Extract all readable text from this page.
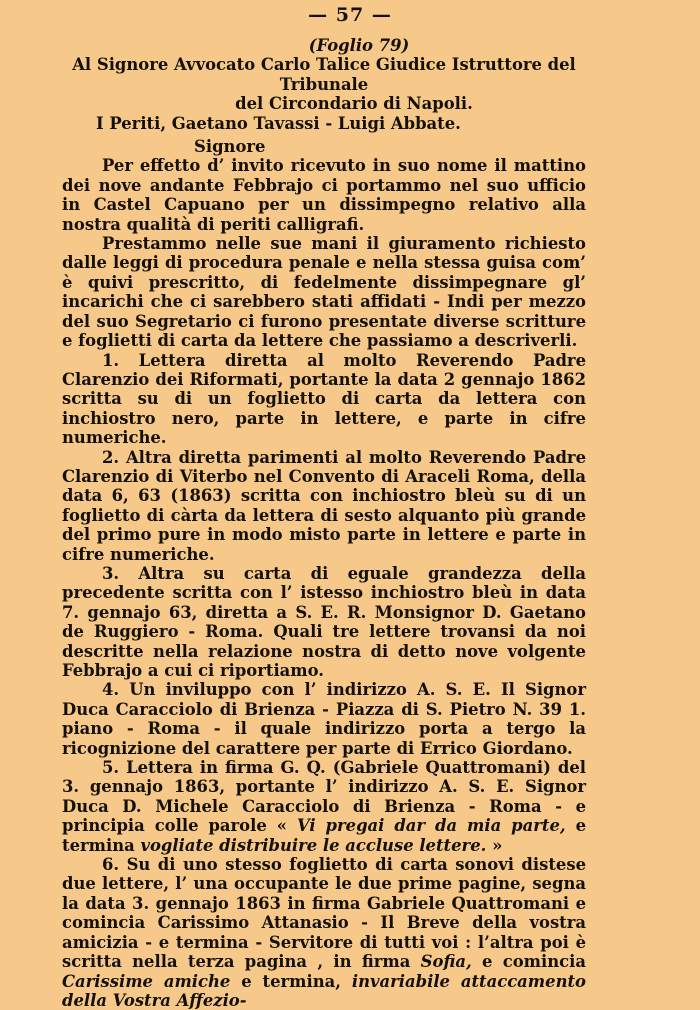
— 57 —

(Foglio 79)

Al Signore Avvocato Carlo Talice Giudice Istruttore del Tribunale

del Circondario di Napoli.

I Periti, Gaetano Tavassi - Luigi Abbate.

Signore

Per effetto d’ invito ricevuto in suo nome il mattino dei nove andante Febbrajo ci portammo nel suo ufficio in Castel Capuano per un dissimpegno relativo alla nostra qualità di periti calligrafi.

Prestammo nelle sue mani il giuramento richiesto dalle leggi di procedura penale e nella stessa guisa com’ è quivi prescritto, di fedelmente dissimpegnare gl’ incarichi che ci sarebbero stati affidati - Indi per mezzo del suo Segretario ci furono presentate diverse scritture e foglietti di carta da lettere che passiamo a descriverli.

1. Lettera diretta al molto Reverendo Padre Clarenzio dei Riformati, portante la data 2 gennajo 1862 scritta su di un foglietto di carta da lettera con inchiostro nero, parte in lettere, e parte in cifre numeriche.

2. Altra diretta parimenti al molto Reverendo Padre Clarenzio di Viterbo nel Convento di Araceli Roma, della data 6, 63 (1863) scritta con inchiostro bleù su di un foglietto di càrta da lettera di sesto alquanto più grande del primo pure in modo misto parte in lettere e parte in cifre numeriche.

3. Altra su carta di eguale grandezza della precedente scritta con l’ istesso inchiostro bleù in data 7. gennajo 63, diretta a S. E. R. Monsignor D. Gaetano de Ruggiero - Roma. Quali tre lettere trovansi da noi descritte nella relazione nostra di detto nove volgente Febbrajo a cui ci riportiamo.

4. Un inviluppo con l’ indirizzo A. S. E. Il Signor Duca Caracciolo di Brienza - Piazza di S. Pietro N. 39 1. piano - Roma - il quale indirizzo porta a tergo la ricognizione del carattere per parte di Errico Giordano.

5. Lettera in firma G. Q. (Gabriele Quattromani) del 3. gennajo 1863, portante l’ indirizzo A. S. E. Signor Duca D. Michele Caracciolo di Brienza - Roma - e principia colle parole « Vi pregai dar da mia parte, e termina vogliate distribuire le accluse lettere. »

6. Su di uno stesso foglietto di carta sonovi distese due lettere, l’ una occupante le due prime pagine, segna la data 3. gennajo 1863 in firma Gabriele Quattromani e comincia Carissimo Attanasio - Il Breve della vostra amicizia - e termina - Servitore di tutti voi : l’altra poi è scritta nella terza pagina , in firma Sofia, e comincia Carissime amiche e termina, invariabile attaccamento della Vostra Affezio-
